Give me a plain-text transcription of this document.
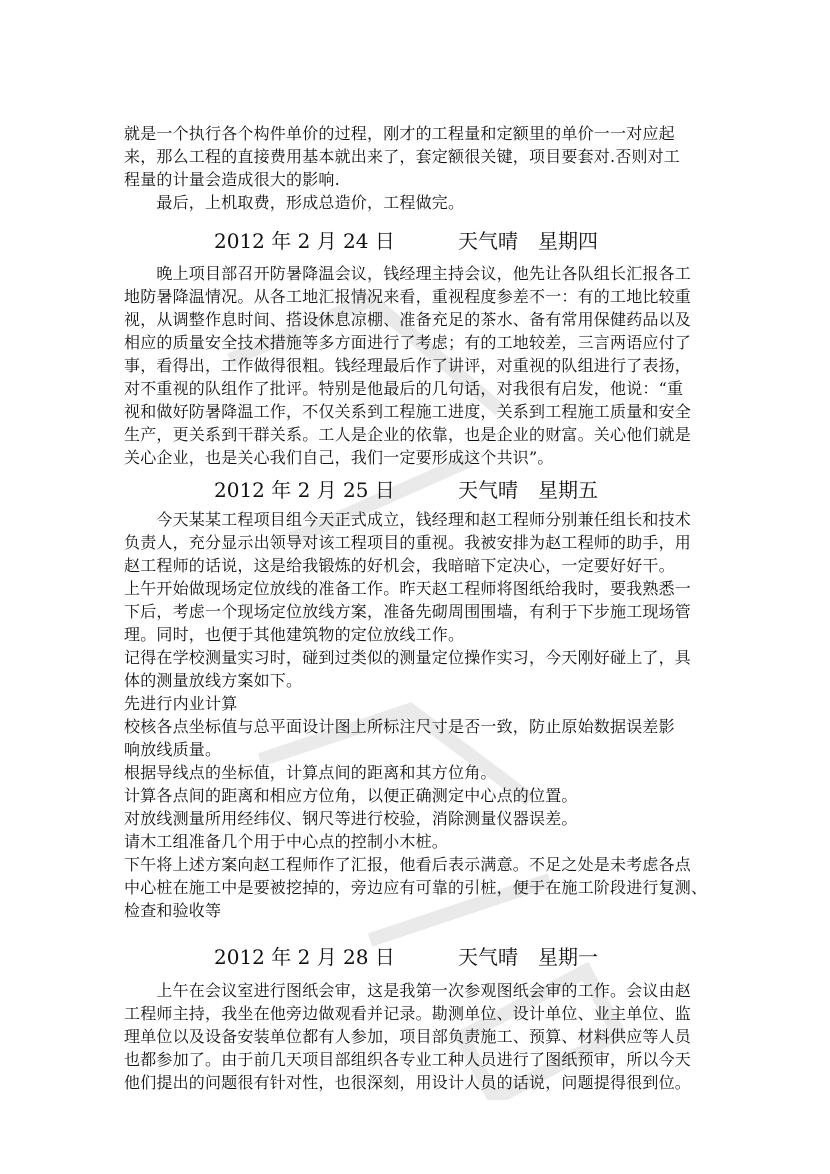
就是一个执行各个构件单价的过程，刚才的工程量和定额里的单价一一对应起
来，那么工程的直接费用基本就出来了，套定额很关键，项目要套对.否则对工
程量的计量会造成很大的影响.
　　最后，上机取费，形成总造价，工程做完。
2012 年 2 月 24 日	天气晴　星期四
　　晚上项目部召开防暑降温会议，钱经理主持会议，他先让各队组长汇报各工
地防暑降温情况。从各工地汇报情况来看，重视程度参差不一：有的工地比较重
视，从调整作息时间、搭设休息凉棚、准备充足的茶水、备有常用保健药品以及
相应的质量安全技术措施等多方面进行了考虑；有的工地较差，三言两语应付了
事，看得出，工作做得很粗。钱经理最后作了讲评，对重视的队组进行了表扬，
对不重视的队组作了批评。特别是他最后的几句话，对我很有启发，他说：“重
视和做好防暑降温工作，不仅关系到工程施工进度，关系到工程施工质量和安全
生产，更关系到干群关系。工人是企业的依靠，也是企业的财富。关心他们就是
关心企业，也是关心我们自己，我们一定要形成这个共识”。
2012 年 2 月 25 日	天气晴　星期五
　　今天某某工程项目组今天正式成立，钱经理和赵工程师分别兼任组长和技术
负责人，充分显示出领导对该工程项目的重视。我被安排为赵工程师的助手，用
赵工程师的话说，这是给我锻炼的好机会，我暗暗下定决心，一定要好好干。
上午开始做现场定位放线的准备工作。昨天赵工程师将图纸给我时，要我熟悉一
下后，考虑一个现场定位放线方案，准备先砌周围围墙，有利于下步施工现场管
理。同时，也便于其他建筑物的定位放线工作。
记得在学校测量实习时，碰到过类似的测量定位操作实习，今天刚好碰上了，具
体的测量放线方案如下。
先进行内业计算
校核各点坐标值与总平面设计图上所标注尺寸是否一致，防止原始数据误差影
响放线质量。
根据导线点的坐标值，计算点间的距离和其方位角。
计算各点间的距离和相应方位角，以便正确测定中心点的位置。
对放线测量所用经纬仪、钢尺等进行校验，消除测量仪器误差。
请木工组准备几个用于中心点的控制小木桩。
下午将上述方案向赵工程师作了汇报，他看后表示满意。不足之处是未考虑各点
中心桩在施工中是要被挖掉的，旁边应有可靠的引桩，便于在施工阶段进行复测、
检查和验收等
2012 年 2 月 28 日	天气晴　星期一
　　上午在会议室进行图纸会审，这是我第一次参观图纸会审的工作。会议由赵
工程师主持，我坐在他旁边做观看并记录。勘测单位、设计单位、业主单位、监
理单位以及设备安装单位都有人参加，项目部负责施工、预算、材料供应等人员
也都参加了。由于前几天项目部组织各专业工种人员进行了图纸预审，所以今天
他们提出的问题很有针对性，也很深刻，用设计人员的话说，问题提得很到位。
